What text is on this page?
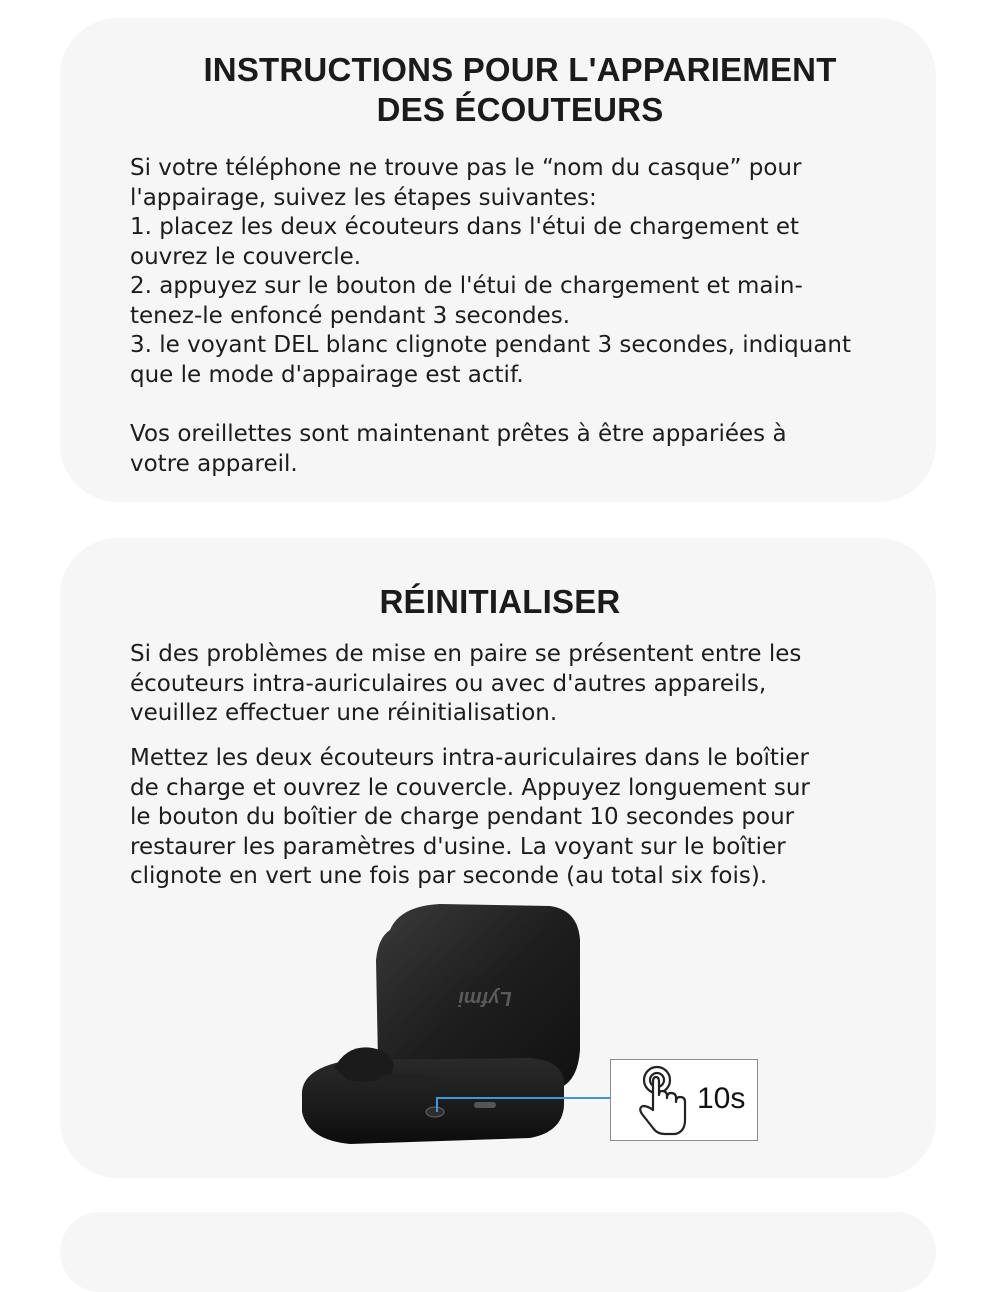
INSTRUCTIONS POUR L'APPARIEMENT
DES ÉCOUTEURS

Si votre téléphone ne trouve pas le “nom du casque” pour

l'appairage, suivez les étapes suivantes:

1. placez les deux écouteurs dans l'étui de chargement et

ouvrez le couvercle.

2. appuyez sur le bouton de l'étui de chargement et main-

tenez-le enfoncé pendant 3 secondes.

3. le voyant DEL blanc clignote pendant 3 secondes, indiquant

que le mode d'appairage est actif.

Vos oreillettes sont maintenant prêtes à être appariées à

votre appareil.

RÉINITIALISER

Si des problèmes de mise en paire se présentent entre les

écouteurs intra-auriculaires ou avec d'autres appareils,

veuillez effectuer une réinitialisation.

Mettez les deux écouteurs intra-auriculaires dans le boîtier

de charge et ouvrez le couvercle. Appuyez longuement sur

le bouton du boîtier de charge pendant 10 secondes pour

restaurer les paramètres d'usine. La voyant sur le boîtier

clignote en vert une fois par seconde (au total six fois).

Lyfmi
10s
